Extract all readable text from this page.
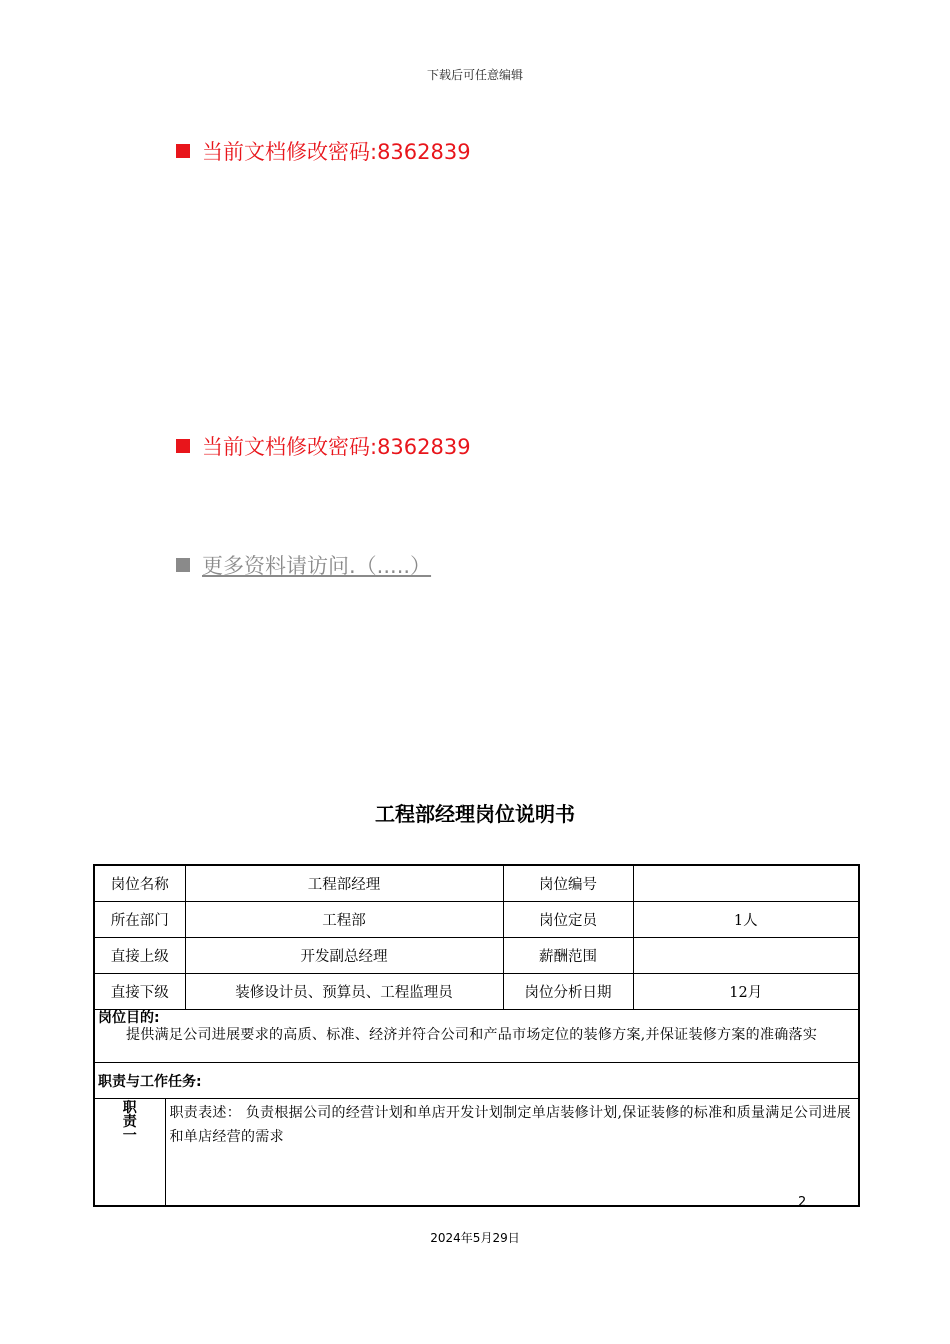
下载后可任意编辑
当前文档修改密码:8362839
当前文档修改密码:8362839
更多资料请访问.（.....）
工程部经理岗位说明书
岗位名称		工程部经理	岗位编号	
所在部门		工程部	岗位定员	1人
直接上级		开发副总经理	薪酬范围	
直接下级		装修设计员、预算员、工程监理员	岗位分析日期	12月

岗位目的:
提供满足公司进展要求的高质、标准、经济并符合公司和产品市场定位的装修方案,并保证装修方案的准确落实				

职责与工作任务:				

职责一	职责表述： 负责根据公司的经营计划和单店开发计划制定单店装修计划,保证装修的标准和质量满足公司进展和单店经营的需求			
2
2024年5月29日
